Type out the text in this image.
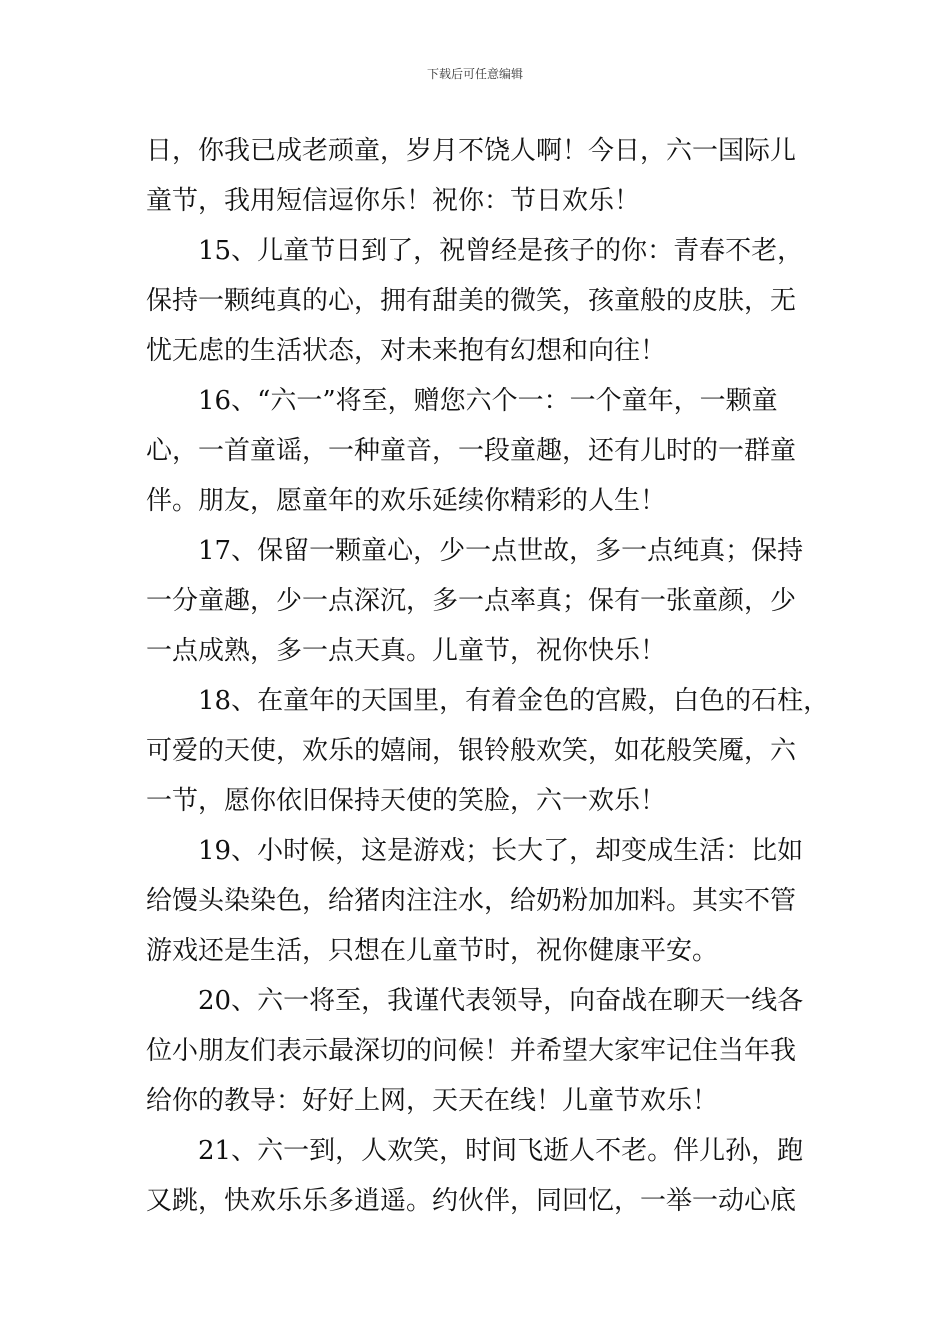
下载后可任意编辑
日，你我已成老顽童，岁月不饶人啊！今日，六一国际儿
童节，我用短信逗你乐！祝你：节日欢乐！
15、儿童节日到了，祝曾经是孩子的你：青春不老，
保持一颗纯真的心，拥有甜美的微笑，孩童般的皮肤，无
忧无虑的生活状态，对未来抱有幻想和向往！
16、“六一”将至，赠您六个一：一个童年，一颗童
心，一首童谣，一种童音，一段童趣，还有儿时的一群童
伴。朋友，愿童年的欢乐延续你精彩的人生！
17、保留一颗童心，少一点世故，多一点纯真；保持
一分童趣，少一点深沉，多一点率真；保有一张童颜，少
一点成熟，多一点天真。儿童节，祝你快乐！
18、在童年的天国里，有着金色的宫殿，白色的石柱，
可爱的天使，欢乐的嬉闹，银铃般欢笑，如花般笑魇，六
一节，愿你依旧保持天使的笑脸，六一欢乐！
19、小时候，这是游戏；长大了，却变成生活：比如
给馒头染染色，给猪肉注注水，给奶粉加加料。其实不管
游戏还是生活，只想在儿童节时，祝你健康平安。
20、六一将至，我谨代表领导，向奋战在聊天一线各
位小朋友们表示最深切的问候！并希望大家牢记住当年我
给你的教导：好好上网，天天在线！儿童节欢乐！
21、六一到，人欢笑，时间飞逝人不老。伴儿孙，跑
又跳，快欢乐乐多逍遥。约伙伴，同回忆，一举一动心底
